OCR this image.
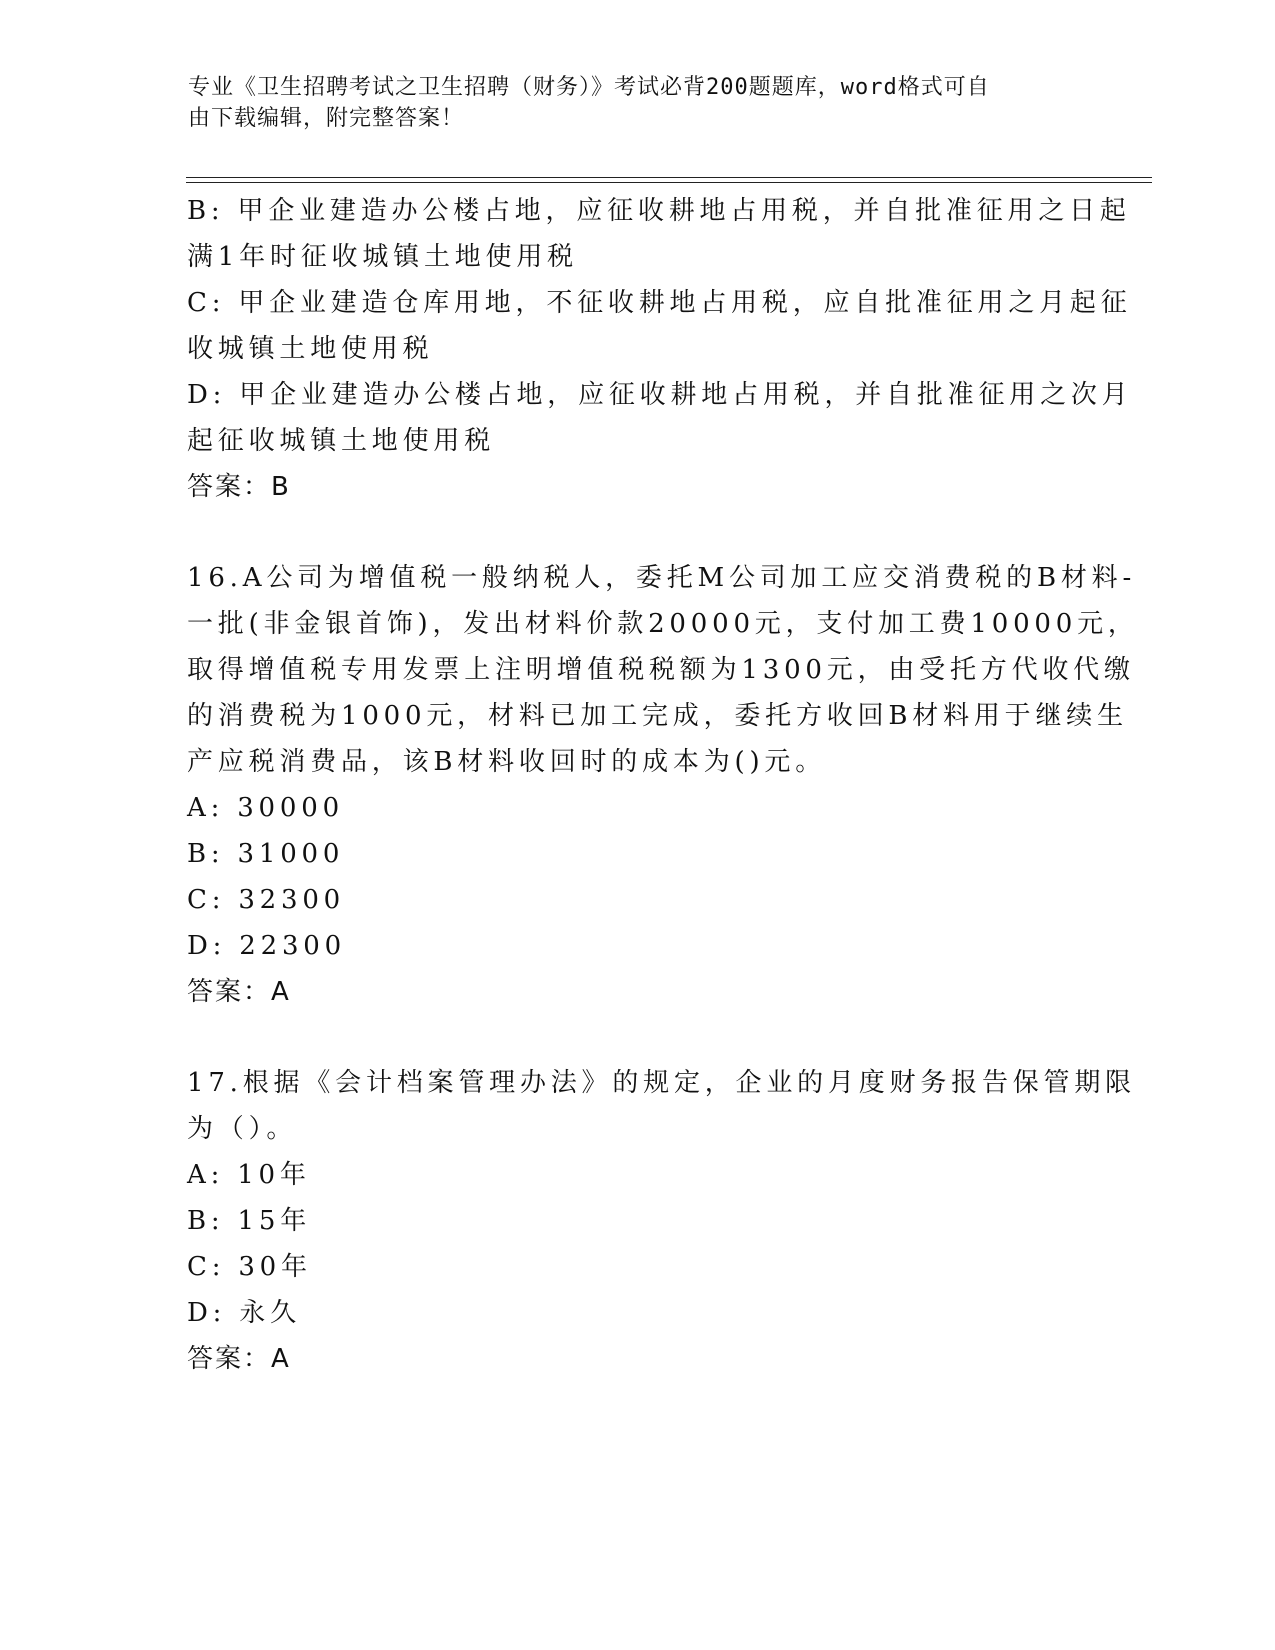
专业《卫生招聘考试之卫生招聘（财务）》考试必背200题题库，word格式可自
由下载编辑，附完整答案！
B: 甲企业建造办公楼占地，应征收耕地占用税，并自批准征用之日起
满1年时征收城镇土地使用税
C: 甲企业建造仓库用地，不征收耕地占用税，应自批准征用之月起征
收城镇土地使用税
D: 甲企业建造办公楼占地，应征收耕地占用税，并自批准征用之次月
起征收城镇土地使用税
答案：B
16.A公司为增值税一般纳税人，委托M公司加工应交消费税的B材料-
一批(非金银首饰)，发出材料价款20000元，支付加工费10000元，
取得增值税专用发票上注明增值税税额为1300元，由受托方代收代缴
的消费税为1000元，材料已加工完成，委托方收回B材料用于继续生
产应税消费品，该B材料收回时的成本为()元。
A: 30000
B: 31000
C: 32300
D: 22300
答案：A
17.根据《会计档案管理办法》的规定，企业的月度财务报告保管期限
为（）。
A: 10年
B: 15年
C: 30年
D: 永久
答案：A
